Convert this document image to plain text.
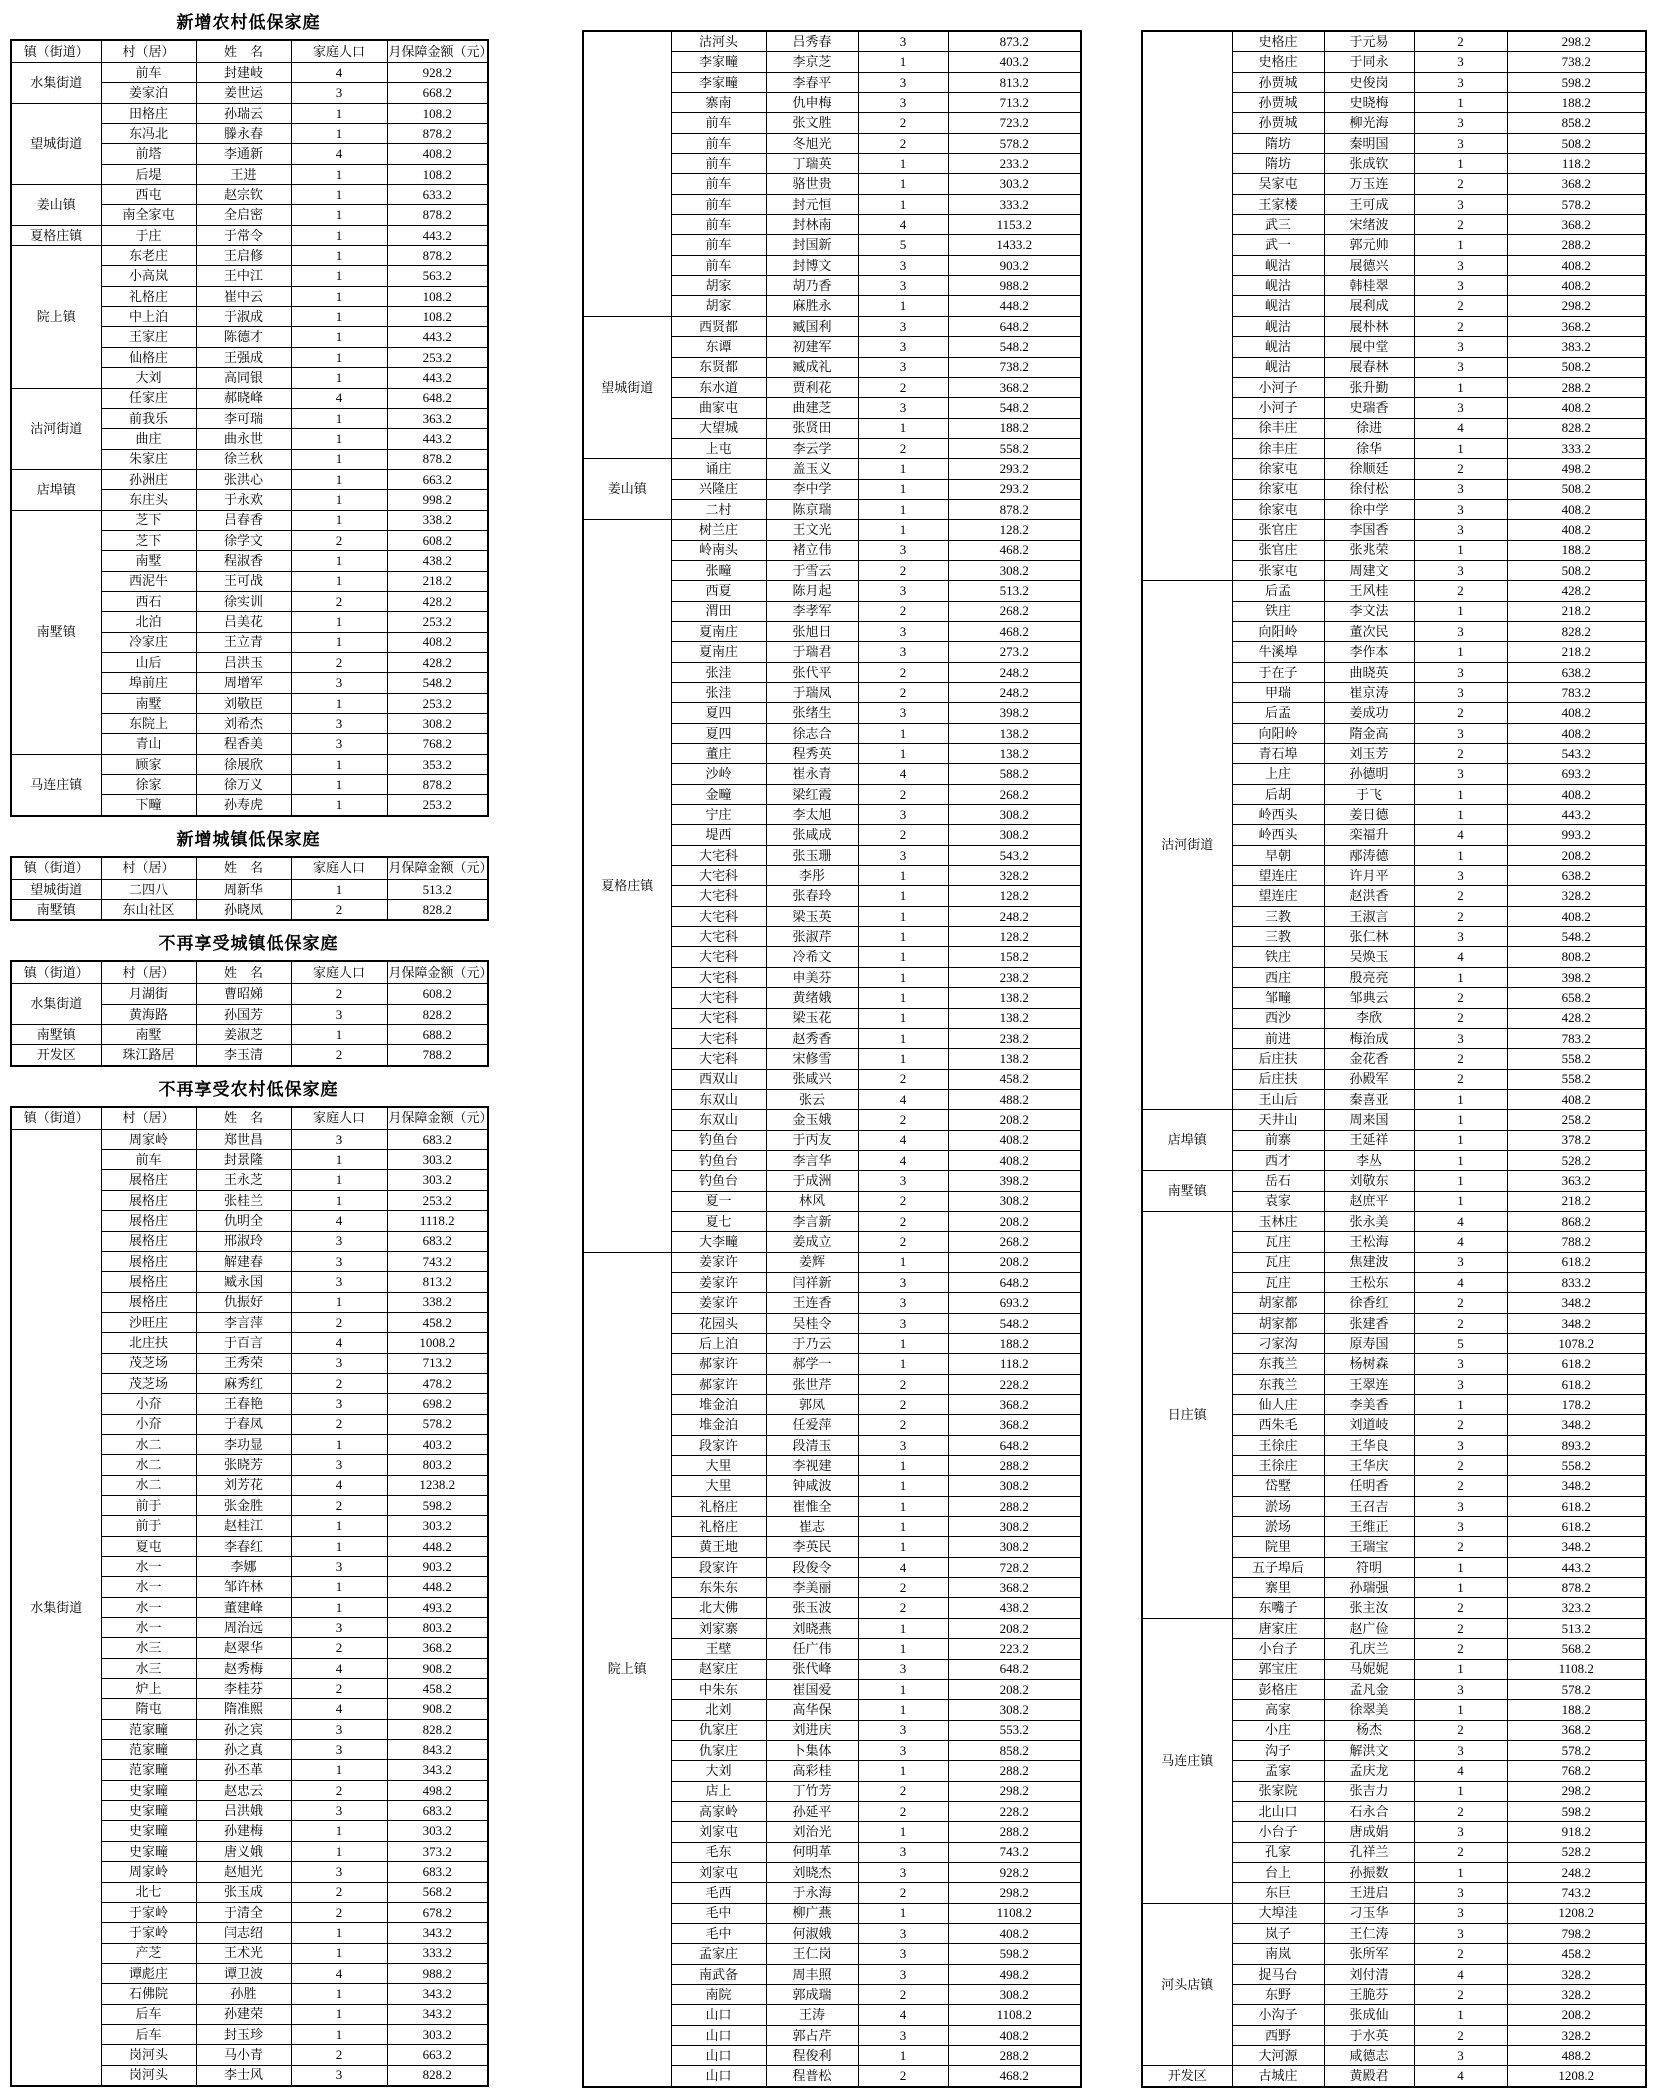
新增农村低保家庭
镇（街道）	村（居）	姓　名	家庭人口	月保障金额（元）
水集街道	前车	封建岐	4	928.2
	姜家泊	姜世运	3	668.2
望城街道	田格庄	孙瑞云	1	108.2
	东冯北	滕永春	1	878.2
	前塔	李通新	4	408.2
	后堤	王进	1	108.2
姜山镇	西屯	赵宗钦	1	633.2
	南全家屯	全启密	1	878.2
夏格庄镇	于庄	于常令	1	443.2
院上镇	东老庄	王启修	1	878.2
	小高岚	王中江	1	563.2
	礼格庄	崔中云	1	108.2
	中上泊	于淑成	1	108.2
	王家庄	陈德才	1	443.2
	仙格庄	王强成	1	253.2
	大刘	高同银	1	443.2
沽河街道	任家庄	郝晓峰	4	648.2
	前我乐	李可瑞	1	363.2
	曲庄	曲永世	1	443.2
	朱家庄	徐兰秋	1	878.2
店埠镇	孙洲庄	张洪心	1	663.2
	东庄头	于永欢	1	998.2
南墅镇	芝下	吕春香	1	338.2
	芝下	徐学文	2	608.2
	南墅	程淑香	1	438.2
	西泥牛	王可战	1	218.2
	西石	徐实训	2	428.2
	北泊	吕美花	1	253.2
	冷家庄	王立青	1	408.2
	山后	吕洪玉	2	428.2
	埠前庄	周增军	3	548.2
	南墅	刘敬臣	1	253.2
	东院上	刘希杰	3	308.2
	青山	程香美	3	768.2
马连庄镇	顾家	徐展欣	1	353.2
	徐家	徐万义	1	878.2
	下疃	孙寿虎	1	253.2
新增城镇低保家庭
镇（街道）	村（居）	姓　名	家庭人口	月保障金额（元）
望城街道	二四八	周新华	1	513.2
南墅镇	东山社区	孙晓凤	2	828.2
不再享受城镇低保家庭
镇（街道）	村（居）	姓　名	家庭人口	月保障金额（元）
水集街道	月湖街	曹昭娣	2	608.2
	黄海路	孙国芳	3	828.2
南墅镇	南墅	姜淑芝	1	688.2
开发区	珠江路居	李玉清	2	788.2
不再享受农村低保家庭
镇（街道）	村（居）	姓　名	家庭人口	月保障金额（元）
水集街道	周家岭	郑世昌	3	683.2
	前车	封景隆	1	303.2
	展格庄	王永芝	1	303.2
	展格庄	张桂兰	1	253.2
	展格庄	仇明全	4	1118.2
	展格庄	邢淑玲	3	683.2
	展格庄	解建春	3	743.2
	展格庄	臧永国	3	813.2
	展格庄	仇振好	1	338.2
	沙旺庄	李言萍	2	458.2
	北庄扶	于百言	4	1008.2
	茂芝场	王秀荣	3	713.2
	茂芝场	麻秀红	2	478.2
	小夼	王春艳	3	698.2
	小夼	于春凤	2	578.2
	水二	李功显	1	403.2
	水二	张晓芳	3	803.2
	水二	刘芳花	4	1238.2
	前于	张金胜	2	598.2
	前于	赵桂江	1	303.2
	夏屯	李春红	1	448.2
	水一	李娜	3	903.2
	水一	邹许林	1	448.2
	水一	董建峰	1	493.2
	水一	周治远	3	803.2
	水三	赵翠华	2	368.2
	水三	赵秀梅	4	908.2
	炉上	李桂芬	2	458.2
	隋屯	隋准熙	4	908.2
	范家疃	孙之宾	3	828.2
	范家疃	孙之真	3	843.2
	范家疃	孙丕革	1	343.2
	史家疃	赵忠云	2	498.2
	史家疃	吕洪娥	3	683.2
	史家疃	孙建梅	1	303.2
	史家疃	唐义娥	1	373.2
	周家岭	赵旭光	3	683.2
	北七	张玉成	2	568.2
	于家岭	于清全	2	678.2
	于家岭	闫志绍	1	343.2
	产芝	王术光	1	333.2
	谭彪庄	谭卫波	4	988.2
	石佛院	孙胜	1	343.2
	后车	孙建荣	1	343.2
	后车	封玉珍	1	303.2
	岗河头	马小青	2	663.2
	岗河头	李士风	3	828.2
	沽河头	吕秀春	3	873.2
	李家疃	李京芝	1	403.2
	李家疃	李春平	3	813.2
	寨南	仇申梅	3	713.2
	前车	张文胜	2	723.2
	前车	冬旭光	2	578.2
	前车	丁瑞英	1	233.2
	前车	骆世贵	1	303.2
	前车	封元恒	1	333.2
	前车	封林南	4	1153.2
	前车	封国新	5	1433.2
	前车	封博文	3	903.2
	胡家	胡乃香	3	988.2
	胡家	麻胜永	1	448.2
望城街道	西贤都	臧国利	3	648.2
	东谭	初建军	3	548.2
	东贤都	臧成礼	3	738.2
	东水道	贾利花	2	368.2
	曲家屯	曲建芝	3	548.2
	大望城	张贤田	1	188.2
	上屯	李云学	2	558.2
姜山镇	诵庄	盖玉义	1	293.2
	兴隆庄	李中学	1	293.2
	二村	陈京瑞	1	878.2
夏格庄镇	树兰庄	王文光	1	128.2
	岭南头	褚立伟	3	468.2
	张疃	于雪云	2	308.2
	西夏	陈月起	3	513.2
	渭田	李孝军	2	268.2
	夏南庄	张旭日	3	468.2
	夏南庄	于瑞君	3	273.2
	张洼	张代平	2	248.2
	张洼	于瑞凤	2	248.2
	夏四	张绪生	3	398.2
	夏四	徐志合	1	138.2
	董庄	程秀英	1	138.2
	沙岭	崔永青	4	588.2
	金疃	梁红霞	2	268.2
	宁庄	李太旭	3	308.2
	堤西	张咸成	2	308.2
	大宅科	张玉珊	3	543.2
	大宅科	李彤	1	328.2
	大宅科	张春玲	1	128.2
	大宅科	梁玉英	1	248.2
	大宅科	张淑芹	1	128.2
	大宅科	冷希文	1	158.2
	大宅科	申美芬	1	238.2
	大宅科	黄绪娥	1	138.2
	大宅科	梁玉花	1	138.2
	大宅科	赵秀香	1	238.2
	大宅科	宋修雪	1	138.2
	西双山	张咸兴	2	458.2
	东双山	张云	4	488.2
	东双山	金玉娥	2	208.2
	钓鱼台	于丙友	4	408.2
	钓鱼台	李言华	4	408.2
	钓鱼台	于成洲	3	398.2
	夏一	林风	2	308.2
	夏七	李言新	2	208.2
	大李疃	姜成立	2	268.2
院上镇	姜家许	姜辉	1	208.2
	姜家许	闫祥新	3	648.2
	姜家许	王连香	3	693.2
	花园头	吴桂令	3	548.2
	后上泊	于乃云	1	188.2
	郝家许	郝学一	1	118.2
	郝家许	张世芹	2	228.2
	堆金泊	郭凤	2	368.2
	堆金泊	任爱萍	2	368.2
	段家许	段清玉	3	648.2
	大里	李视建	1	288.2
	大里	钟咸波	1	308.2
	礼格庄	崔惟全	1	288.2
	礼格庄	崔志	1	308.2
	黄王地	李英民	1	308.2
	段家许	段俊令	4	728.2
	东朱东	李美丽	2	368.2
	北大佛	张玉波	2	438.2
	刘家寨	刘晓燕	1	208.2
	王壁	任广伟	1	223.2
	赵家庄	张代峰	3	648.2
	中朱东	崔国爱	1	208.2
	北刘	高华保	1	308.2
	仇家庄	刘进庆	3	553.2
	仇家庄	卜集体	3	858.2
	大刘	高彩桂	1	288.2
	店上	丁竹芳	2	298.2
	高家岭	孙延平	2	228.2
	刘家屯	刘治光	1	288.2
	毛东	何明革	3	743.2
	刘家屯	刘晓杰	3	928.2
	毛西	于永海	2	298.2
	毛中	柳广燕	1	1108.2
	毛中	何淑娥	3	408.2
	孟家庄	王仁岗	3	598.2
	南武备	周丰照	3	498.2
	南院	郭成瑞	2	308.2
	山口	王涛	4	1108.2
	山口	郭占芹	3	408.2
	山口	程俊利	1	288.2
	山口	程普松	2	468.2
	史格庄	于元易	2	298.2
	史格庄	于同永	3	738.2
	孙贾城	史俊岗	3	598.2
	孙贾城	史晓梅	1	188.2
	孙贾城	柳光海	3	858.2
	隋坊	秦明国	3	508.2
	隋坊	张成钦	1	118.2
	吴家屯	万玉连	2	368.2
	王家楼	王可成	3	578.2
	武三	宋绪波	2	368.2
	武一	郭元帅	1	288.2
	岘沽	展德兴	3	408.2
	岘沽	韩桂翠	3	408.2
	岘沽	展利成	2	298.2
	岘沽	展朴林	2	368.2
	岘沽	展中堂	3	383.2
	岘沽	展春林	3	508.2
	小河子	张升勤	1	288.2
	小河子	史瑞香	3	408.2
	徐丰庄	徐进	4	828.2
	徐丰庄	徐华	1	333.2
	徐家屯	徐顺廷	2	498.2
	徐家屯	徐付松	3	508.2
	徐家屯	徐中学	3	408.2
	张官庄	李国香	3	408.2
	张官庄	张兆荣	1	188.2
	张家屯	周建文	3	508.2
沽河街道	后孟	王风桂	2	428.2
	铁庄	李文法	1	218.2
	向阳岭	董次民	3	828.2
	牛溪埠	李作本	1	218.2
	于在子	曲晓英	3	638.2
	甲瑞	崔京涛	3	783.2
	后孟	姜成功	2	408.2
	向阳岭	隋金高	3	408.2
	青石埠	刘玉芳	2	543.2
	上庄	孙德明	3	693.2
	后胡	于飞	1	408.2
	岭西头	姜日德	1	443.2
	岭西头	栾福升	4	993.2
	早朝	邴涛德	1	208.2
	望连庄	许月平	3	638.2
	望连庄	赵洪香	2	328.2
	三教	王淑言	2	408.2
	三教	张仁林	3	548.2
	铁庄	吴焕玉	4	808.2
	西庄	殷亮亮	1	398.2
	邹疃	邹典云	2	658.2
	西沙	李欣	2	428.2
	前进	梅治成	3	783.2
	后庄扶	金花香	2	558.2
	后庄扶	孙殿军	2	558.2
	王山后	秦喜亚	1	408.2
店埠镇	天井山	周来国	1	258.2
	前寨	王延祥	1	378.2
	西才	李丛	1	528.2
南墅镇	岳石	刘敬东	1	363.2
	袁家	赵庶平	1	218.2
日庄镇	玉林庄	张永美	4	868.2
	瓦庄	王松海	4	788.2
	瓦庄	焦建波	3	618.2
	瓦庄	王松东	4	833.2
	胡家都	徐香红	2	348.2
	胡家都	张建香	2	348.2
	刁家沟	原寿国	5	1078.2
	东莪兰	杨树森	3	618.2
	东莪兰	王翠连	3	618.2
	仙人庄	李美香	1	178.2
	西朱毛	刘道岐	2	348.2
	王徐庄	王华良	3	893.2
	王徐庄	王华庆	2	558.2
	岱墅	任明香	2	348.2
	淤场	王召吉	3	618.2
	淤场	王维正	3	618.2
	院里	王瑞宝	2	348.2
	五子埠后	符明	1	443.2
	寨里	孙瑞强	1	878.2
	东嘴子	张主汝	2	323.2
马连庄镇	唐家庄	赵广俭	2	513.2
	小台子	孔庆兰	2	568.2
	郭宝庄	马妮妮	1	1108.2
	彭格庄	孟凡金	3	578.2
	高家	徐翠美	1	188.2
	小庄	杨杰	2	368.2
	沟子	解洪文	3	578.2
	孟家	孟庆龙	4	768.2
	张家院	张吉力	1	298.2
	北山口	石永合	2	598.2
	小台子	唐成娟	3	918.2
	孔家	孔祥兰	2	528.2
	台上	孙振数	1	248.2
	东巨	王进启	3	743.2
河头店镇	大埠洼	刁玉华	3	1208.2
	岚子	王仁涛	3	798.2
	南岚	张所军	2	458.2
	捉马台	刘付清	4	328.2
	东野	王脆芬	2	328.2
	小沟子	张成仙	1	208.2
	西野	于水英	2	328.2
	大河源	咸德志	3	488.2
开发区	古城庄	黄殿君	4	1208.2
